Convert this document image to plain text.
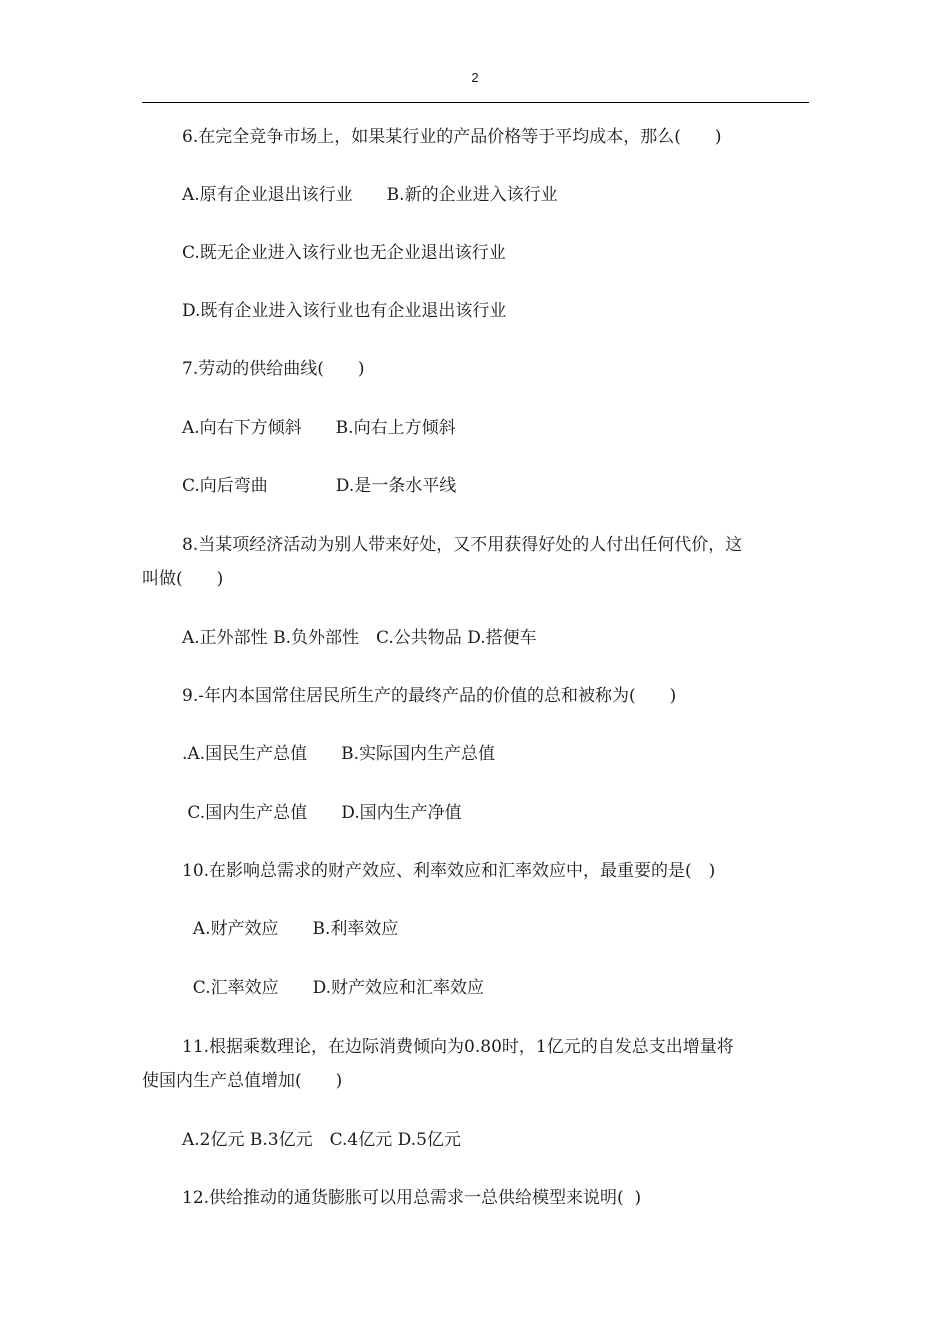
2
6.在完全竞争市场上，如果某行业的产品价格等于平均成本，那么(　　)
A.原有企业退出该行业　　B.新的企业进入该行业
C.既无企业进入该行业也无企业退出该行业
D.既有企业进入该行业也有企业退出该行业
7.劳动的供给曲线(　　)
A.向右下方倾斜　　B.向右上方倾斜
C.向后弯曲　　　　D.是一条水平线
8.当某项经济活动为别人带来好处，又不用获得好处的人付出任何代价，这
叫做(　　)
A.正外部性 B.负外部性　C.公共物品 D.搭便车
9.-年内本国常住居民所生产的最终产品的价值的总和被称为(　　)
.A.国民生产总值　　B.实际国内生产总值
C.国内生产总值　　D.国内生产净值
10.在影响总需求的财产效应、利率效应和汇率效应中，最重要的是(　)
A.财产效应　　B.利率效应
C.汇率效应　　D.财产效应和汇率效应
11.根据乘数理论，在边际消费倾向为0.80时，1亿元的自发总支出增量将
使国内生产总值增加(　　)
A.2亿元 B.3亿元　C.4亿元 D.5亿元
12.供给推动的通货膨胀可以用总需求一总供给模型来说明(  )
